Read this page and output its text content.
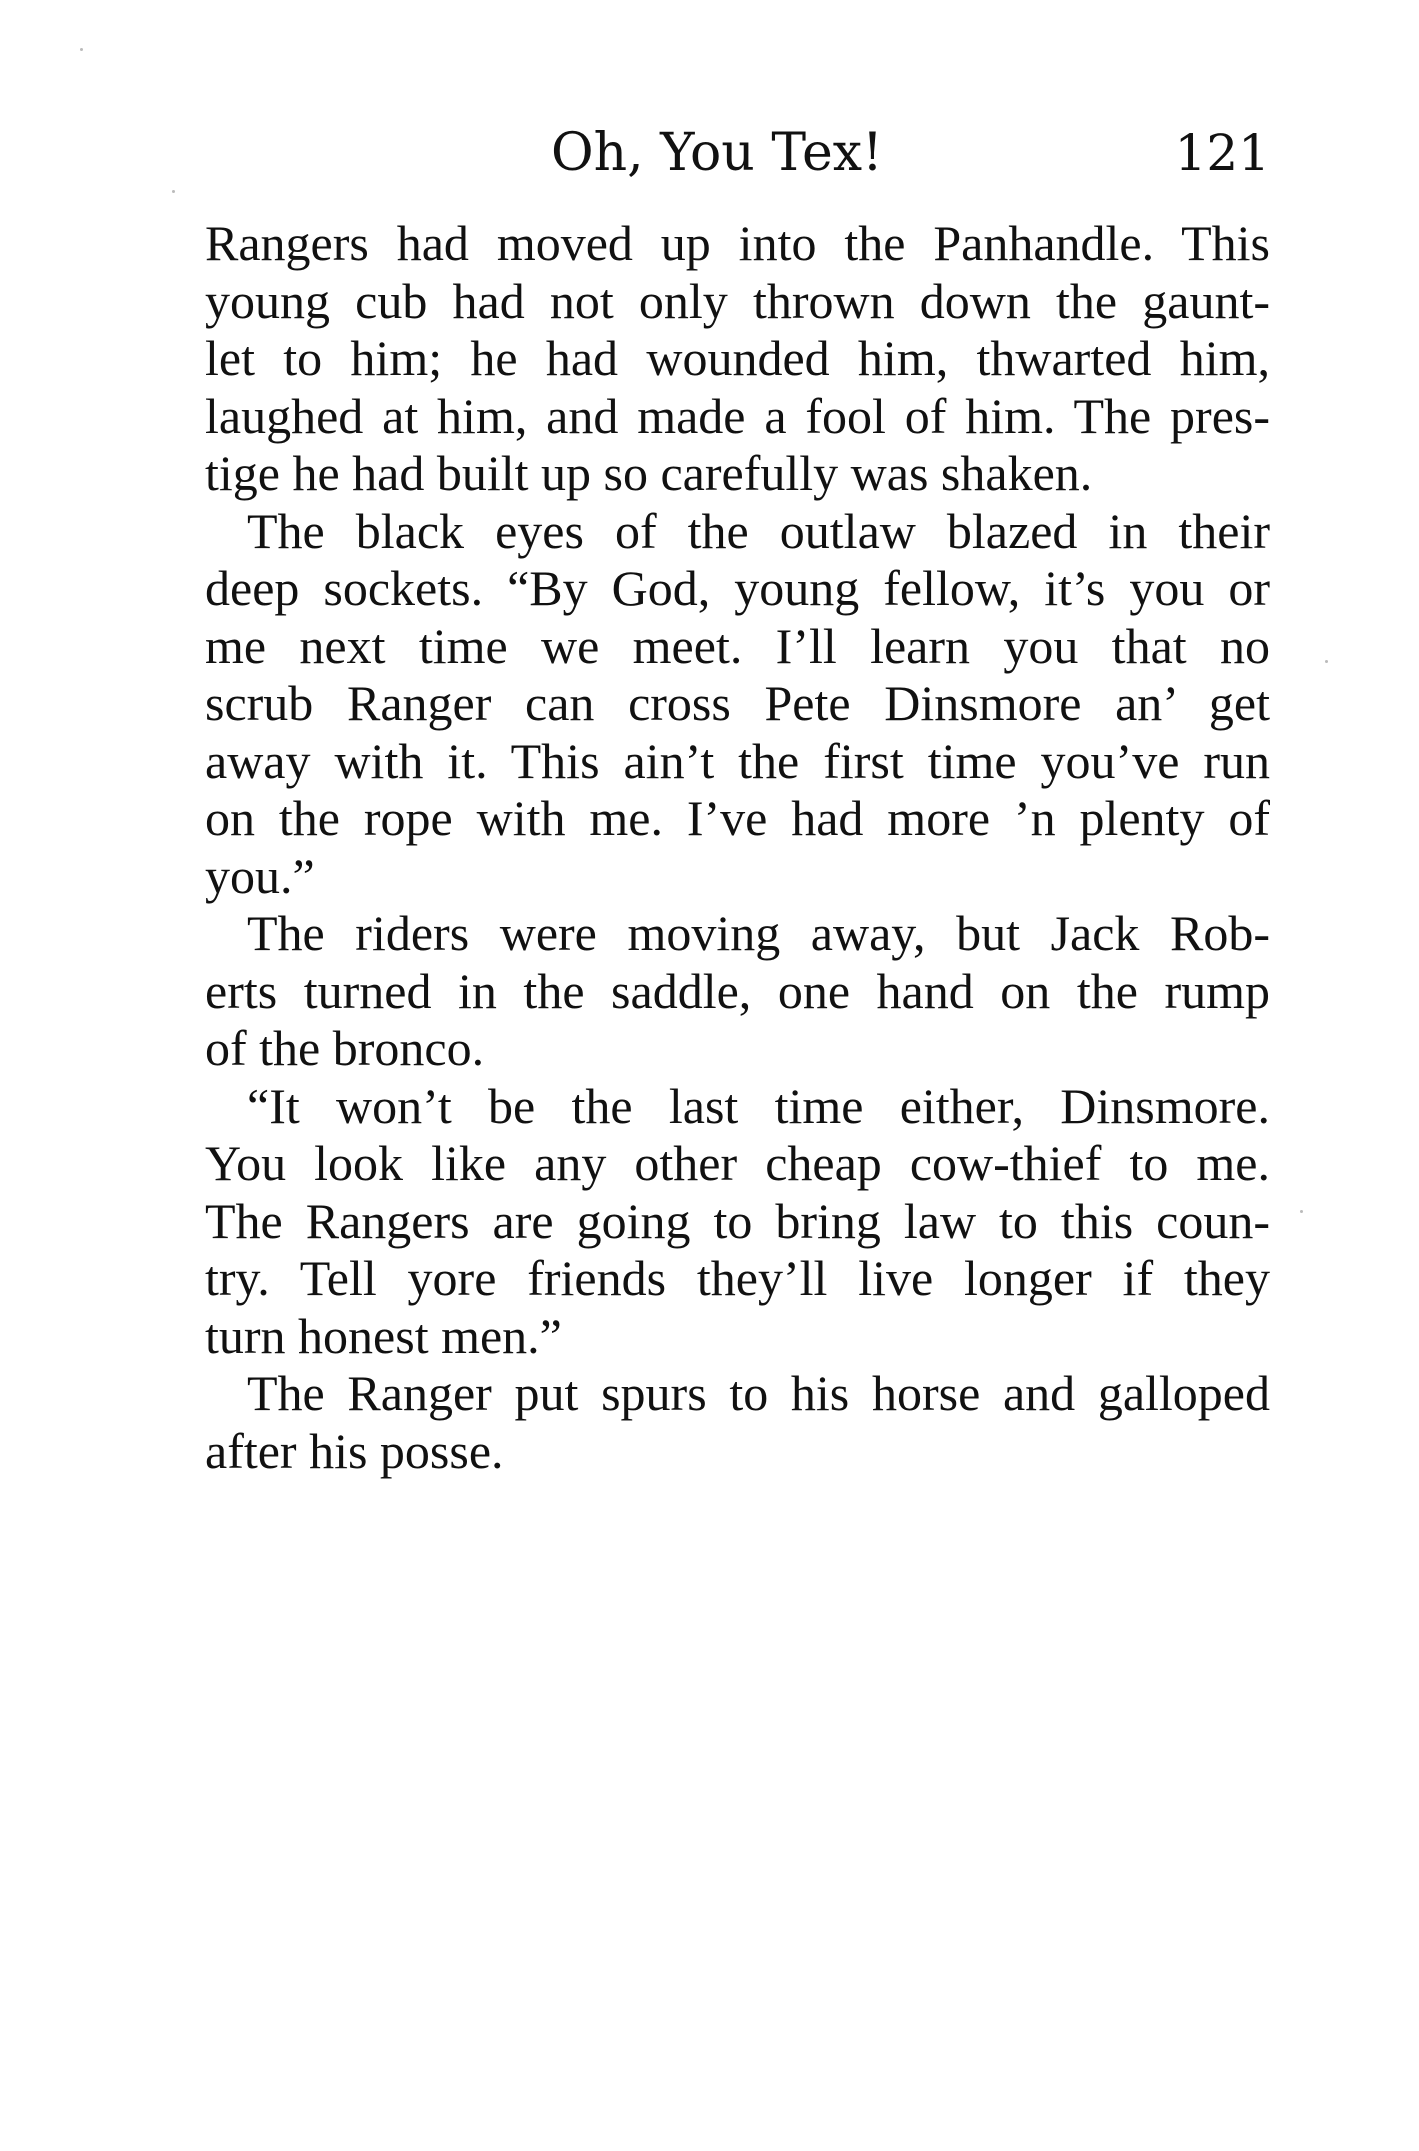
Oh, You Tex!	121

Rangers had moved up into the Panhandle. This
young cub had not only thrown down the gaunt-
let to him; he had wounded him, thwarted him,
laughed at him, and made a fool of him. The pres-
tige he had built up so carefully was shaken.

The black eyes of the outlaw blazed in their
deep sockets. “By God, young fellow, it’s you or
me next time we meet. I’ll learn you that no
scrub Ranger can cross Pete Dinsmore an’ get
away with it. This ain’t the first time you’ve run
on the rope with me. I’ve had more ’n plenty of
you.”

The riders were moving away, but Jack Rob-
erts turned in the saddle, one hand on the rump
of the bronco.

“It won’t be the last time either, Dinsmore.
You look like any other cheap cow-thief to me.
The Rangers are going to bring law to this coun-
try. Tell yore friends they’ll live longer if they
turn honest men.”

The Ranger put spurs to his horse and galloped
after his posse.
